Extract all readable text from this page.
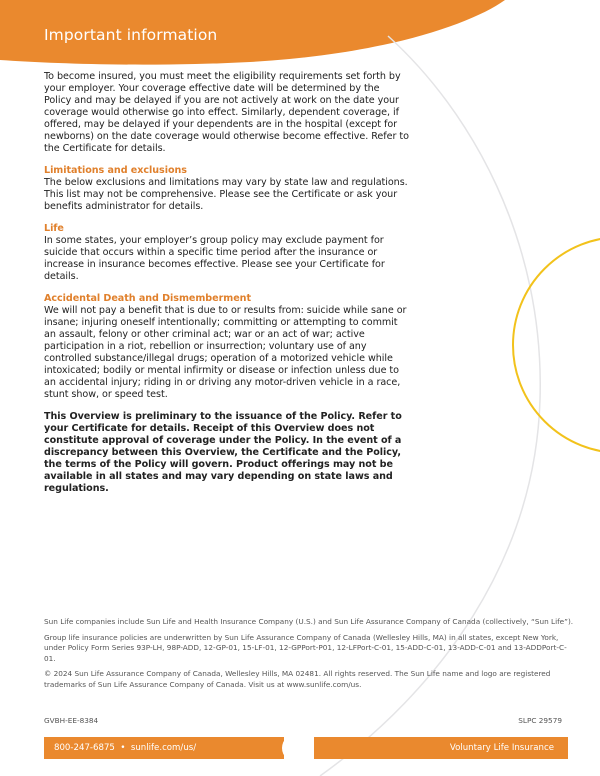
Important information

To become insured, you must meet the eligibility requirements set forth by your employer. Your coverage effective date will be determined by the Policy and may be delayed if you are not actively at work on the date your coverage would otherwise go into effect. Similarly, dependent coverage, if offered, may be delayed if your dependents are in the hospital (except for newborns) on the date coverage would otherwise become effective. Refer to the Certificate for details.

Limitations and exclusions
The below exclusions and limitations may vary by state law and regulations. This list may not be comprehensive. Please see the Certificate or ask your benefits administrator for details.

Life
In some states, your employer’s group policy may exclude payment for suicide that occurs within a specific time period after the insurance or increase in insurance becomes effective. Please see your Certificate for details.

Accidental Death and Dismemberment
We will not pay a benefit that is due to or results from: suicide while sane or insane; injuring oneself intentionally; committing or attempting to commit an assault, felony or other criminal act; war or an act of war; active participation in a riot, rebellion or insurrection; voluntary use of any controlled substance/illegal drugs; operation of a motorized vehicle while intoxicated; bodily or mental infirmity or disease or infection unless due to an accidental injury; riding in or driving any motor-driven vehicle in a race, stunt show, or speed test.

This Overview is preliminary to the issuance of the Policy. Refer to your Certificate for details. Receipt of this Overview does not constitute approval of coverage under the Policy. In the event of a discrepancy between this Overview, the Certificate and the Policy, the terms of the Policy will govern. Product offerings may not be available in all states and may vary depending on state laws and regulations.

Sun Life companies include Sun Life and Health Insurance Company (U.S.) and Sun Life Assurance Company of Canada (collectively, “Sun Life”).

Group life insurance policies are underwritten by Sun Life Assurance Company of Canada (Wellesley Hills, MA) in all states, except New York, under Policy Form Series 93P-LH, 98P-ADD, 12-GP-01, 15-LF-01, 12-GPPort-P01, 12-LFPort-C-01, 15-ADD-C-01, 13-ADD-C-01 and 13-ADDPort-C-01.

© 2024 Sun Life Assurance Company of Canada, Wellesley Hills, MA 02481. All rights reserved. The Sun Life name and logo are registered trademarks of Sun Life Assurance Company of Canada. Visit us at www.sunlife.com/us.

GVBH-EE-8384	SLPC 29579
800-247-6875  •  sunlife.com/us/	Voluntary Life Insurance
